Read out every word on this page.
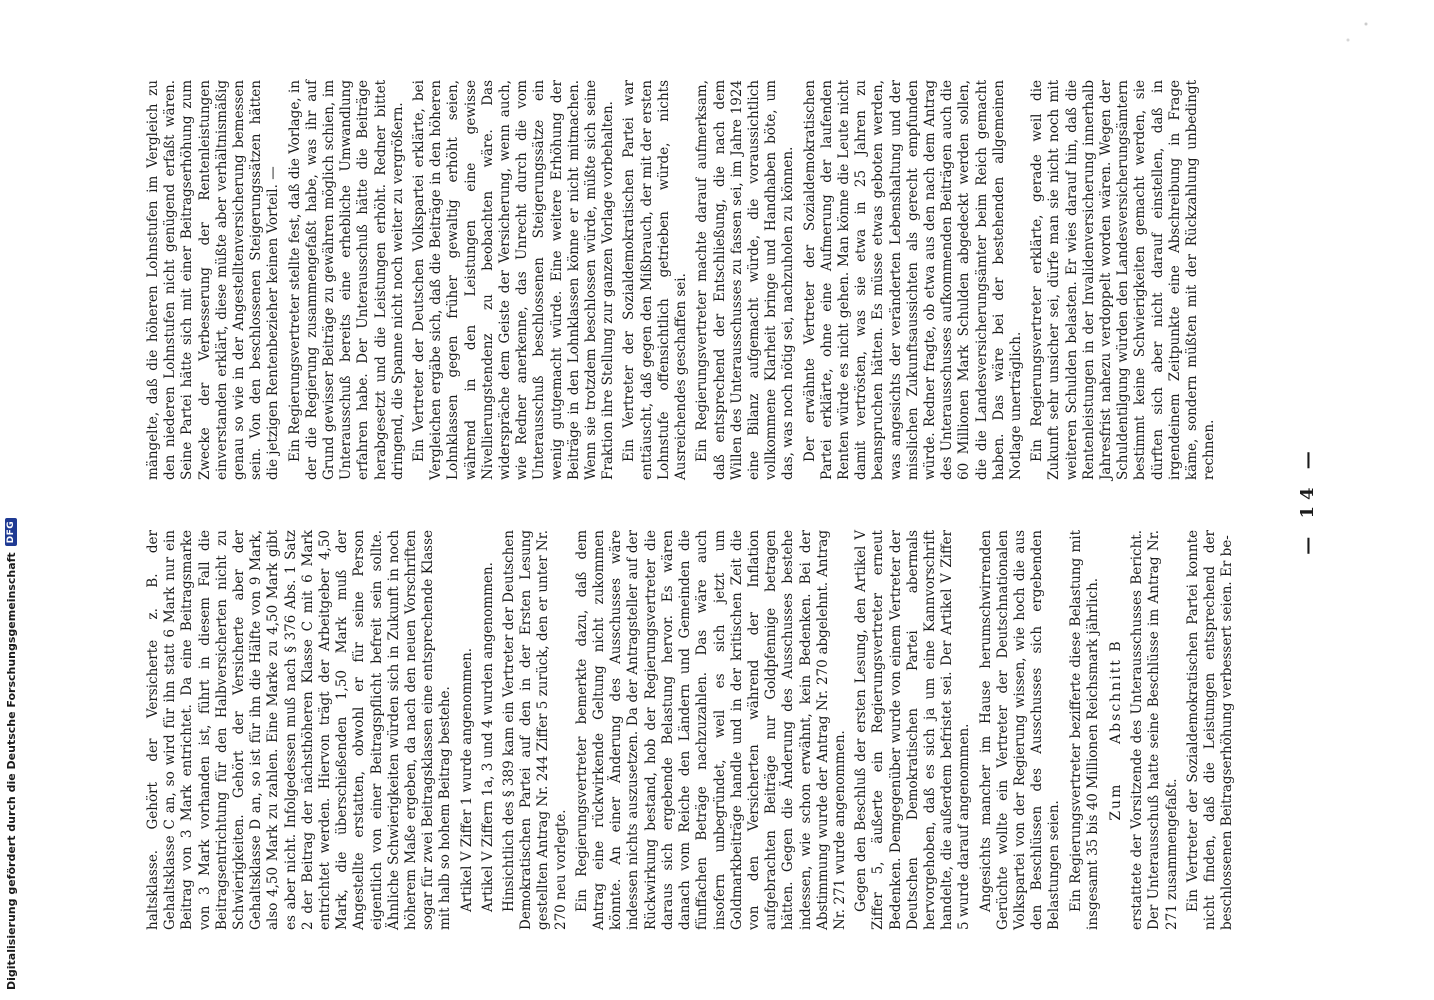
— 14 —

haltsklasse. Gehört der Versicherte z. B. der Gehaltsklasse C an, so wird für ihn statt 6 Mark nur ein Beitrag von 3 Mark entrichtet. Da eine Beitragsmarke von 3 Mark vorhanden ist, führt in diesem Fall die Beitragsentrichtung für den Halbversicherten nicht zu Schwierigkeiten. Gehört der Versicherte aber der Gehaltsklasse D an, so ist für ihn die Hälfte von 9 Mark, also 4,50 Mark zu zahlen. Eine Marke zu 4,50 Mark gibt es aber nicht. Infolgedessen muß nach § 376 Abs. 1 Satz 2 der Beitrag der nächsthöheren Klasse C mit 6 Mark entrichtet werden. Hiervon trägt der Arbeitgeber 4,50 Mark, die überschießenden 1,50 Mark muß der Angestellte erstatten, obwohl er für seine Person eigentlich von einer Beitragspflicht befreit sein sollte. Ähnliche Schwierigkeiten würden sich in Zukunft in noch höherem Maße ergeben, da nach den neuen Vorschriften sogar für zwei Beitragsklassen eine entsprechende Klasse mit halb so hohem Beitrag bestehe. Artikel V Ziffer 1 wurde angenommen. Artikel V Ziffern 1a, 3 und 4 wurden angenommen. Hinsichtlich des § 389 kam ein Vertreter der Deutschen Demokratischen Partei auf den in der Ersten Lesung gestellten Antrag Nr. 244 Ziffer 5 zurück, den er unter Nr. 270 neu vorlegte. Ein Regierungsvertreter bemerkte dazu, daß dem Antrag eine rückwirkende Geltung nicht zukommen könnte. An einer Änderung des Ausschusses wäre indessen nichts auszusetzen. Da der Antragsteller auf der Rückwirkung bestand, hob der Regierungsvertreter die daraus sich ergebende Belastung hervor. Es wären danach vom Reiche den Ländern und Gemeinden die fünffachen Beträge nachzuzahlen. Das wäre auch insofern unbegründet, weil es sich jetzt um Goldmarkbeiträge handle und in der kritischen Zeit die von den Versicherten während der Inflation aufgebrachten Beiträge nur Goldpfennige betragen hätten. Gegen die Änderung des Ausschusses bestehe indessen, wie schon erwähnt, kein Bedenken. Bei der Abstimmung wurde der Antrag Nr. 270 abgelehnt. Antrag Nr. 271 wurde angenommen. Gegen den Beschluß der ersten Lesung, den Artikel V Ziffer 5, äußerte ein Regierungsvertreter erneut Bedenken. Demgegenüber wurde von einem Vertreter der Deutschen Demokratischen Partei abermals hervorgehoben, daß es sich ja um eine Kannvorschrift handelte, die außerdem befristet sei. Der Artikel V Ziffer 5 wurde darauf angenommen. Angesichts mancher im Hause herumschwirrenden Gerüchte wollte ein Vertreter der Deutschnationalen Volkspartei von der Regierung wissen, wie hoch die aus den Beschlüssen des Ausschusses sich ergebenden Belastungen seien. Ein Regierungsvertreter bezifferte diese Belastung mit insgesamt 35 bis 40 Millionen Reichsmark jährlich. Zum      Abschnitt B erstattete der Vorsitzende des Unterausschusses Bericht. Der Unterausschuß hatte seine Beschlüsse im Antrag Nr. 271 zusammengefaßt. Ein Vertreter der Sozialdemokratischen Partei konnte nicht finden, daß die Leistungen entsprechend der beschlossenen Beitragserhöhung verbessert seien. Er be-

mängelte, daß die höheren Lohnstufen im Vergleich zu den niederen Lohnstufen nicht genügend erfaßt wären. Seine Partei hätte sich mit einer Beitragserhöhung zum Zwecke der Verbesserung der Rentenleistungen einverstanden erklärt, diese müßte aber verhältnismäßig genau so wie in der Angestelltenversicherung bemessen sein. Von den beschlossenen Steigerungssätzen hätten die jetzigen Rentenbezieher keinen Vorteil. — Ein Regierungsvertreter stellte fest, daß die Vorlage, in der die Regierung zusammengefaßt habe, was ihr auf Grund gewisser Beiträge zu gewähren möglich schien, im Unterausschuß bereits eine erhebliche Umwandlung erfahren habe. Der Unterausschuß hätte die Beiträge herabgesetzt und die Leistungen erhöht. Redner bittet dringend, die Spanne nicht noch weiter zu vergrößern. Ein Vertreter der Deutschen Volkspartei erklärte, bei Vergleichen ergäbe sich, daß die Beiträge in den höheren Lohnklassen gegen früher gewaltig erhöht seien, während in den Leistungen eine gewisse Nivellierungstendenz zu beobachten wäre. Das widerspräche dem Geiste der Versicherung, wenn auch, wie Redner anerkenne, das Unrecht durch die vom Unterausschuß beschlossenen Steigerungssätze ein wenig gutgemacht würde. Eine weitere Erhöhung der Beiträge in den Lohnklassen könne er nicht mitmachen. Wenn sie trotzdem beschlossen würde, müßte sich seine Fraktion ihre Stellung zur ganzen Vorlage vorbehalten. Ein Vertreter der Sozialdemokratischen Partei war enttäuscht, daß gegen den Mißbrauch, der mit der ersten Lohnstufe offensichtlich getrieben würde, nichts Ausreichendes geschaffen sei. Ein Regierungsvertreter machte darauf aufmerksam, daß entsprechend der Entschließung, die nach dem Willen des Unterausschusses zu fassen sei, im Jahre 1924 eine Bilanz aufgemacht würde, die voraussichtlich vollkommene Klarheit bringe und Handhaben böte, um das, was noch nötig sei, nachzuholen zu können. Der erwähnte Vertreter der Sozialdemokratischen Partei erklärte, ohne eine Aufmerung der laufenden Renten würde es nicht gehen. Man könne die Leute nicht damit vertrösten, was sie etwa in 25 Jahren zu beanspruchen hätten. Es müsse etwas geboten werden, was angesichts der veränderten Lebenshaltung und der misslichen Zukunftsaussichten als gerecht empfunden würde. Redner fragte, ob etwa aus den nach dem Antrag des Unterausschusses aufkommenden Beiträgen auch die 60 Millionen Mark Schulden abgedeckt werden sollen, die die Landesversicherungsämter beim Reich gemacht haben. Das wäre bei der bestehenden allgemeinen Notlage unerträglich. Ein Regierungsvertreter erklärte, gerade weil die Zukunft sehr unsicher sei, dürfe man sie nicht noch mit weiteren Schulden belasten. Er wies darauf hin, daß die Rentenleistungen in der Invalidenversicherung innerhalb Jahresfrist nahezu verdoppelt worden wären. Wegen der Schuldentilgung würden den Landesversicherungsämtern bestimmt keine Schwierigkeiten gemacht werden, sie dürften sich aber nicht darauf einstellen, daß in irgendeinem Zeitpunkte eine Abschreibung in Frage käme, sondern müßten mit der Rückzahlung unbedingt rechnen.

Digitalisierung gefördert durch die Deutsche Forschungsgemeinschaft
DFG
